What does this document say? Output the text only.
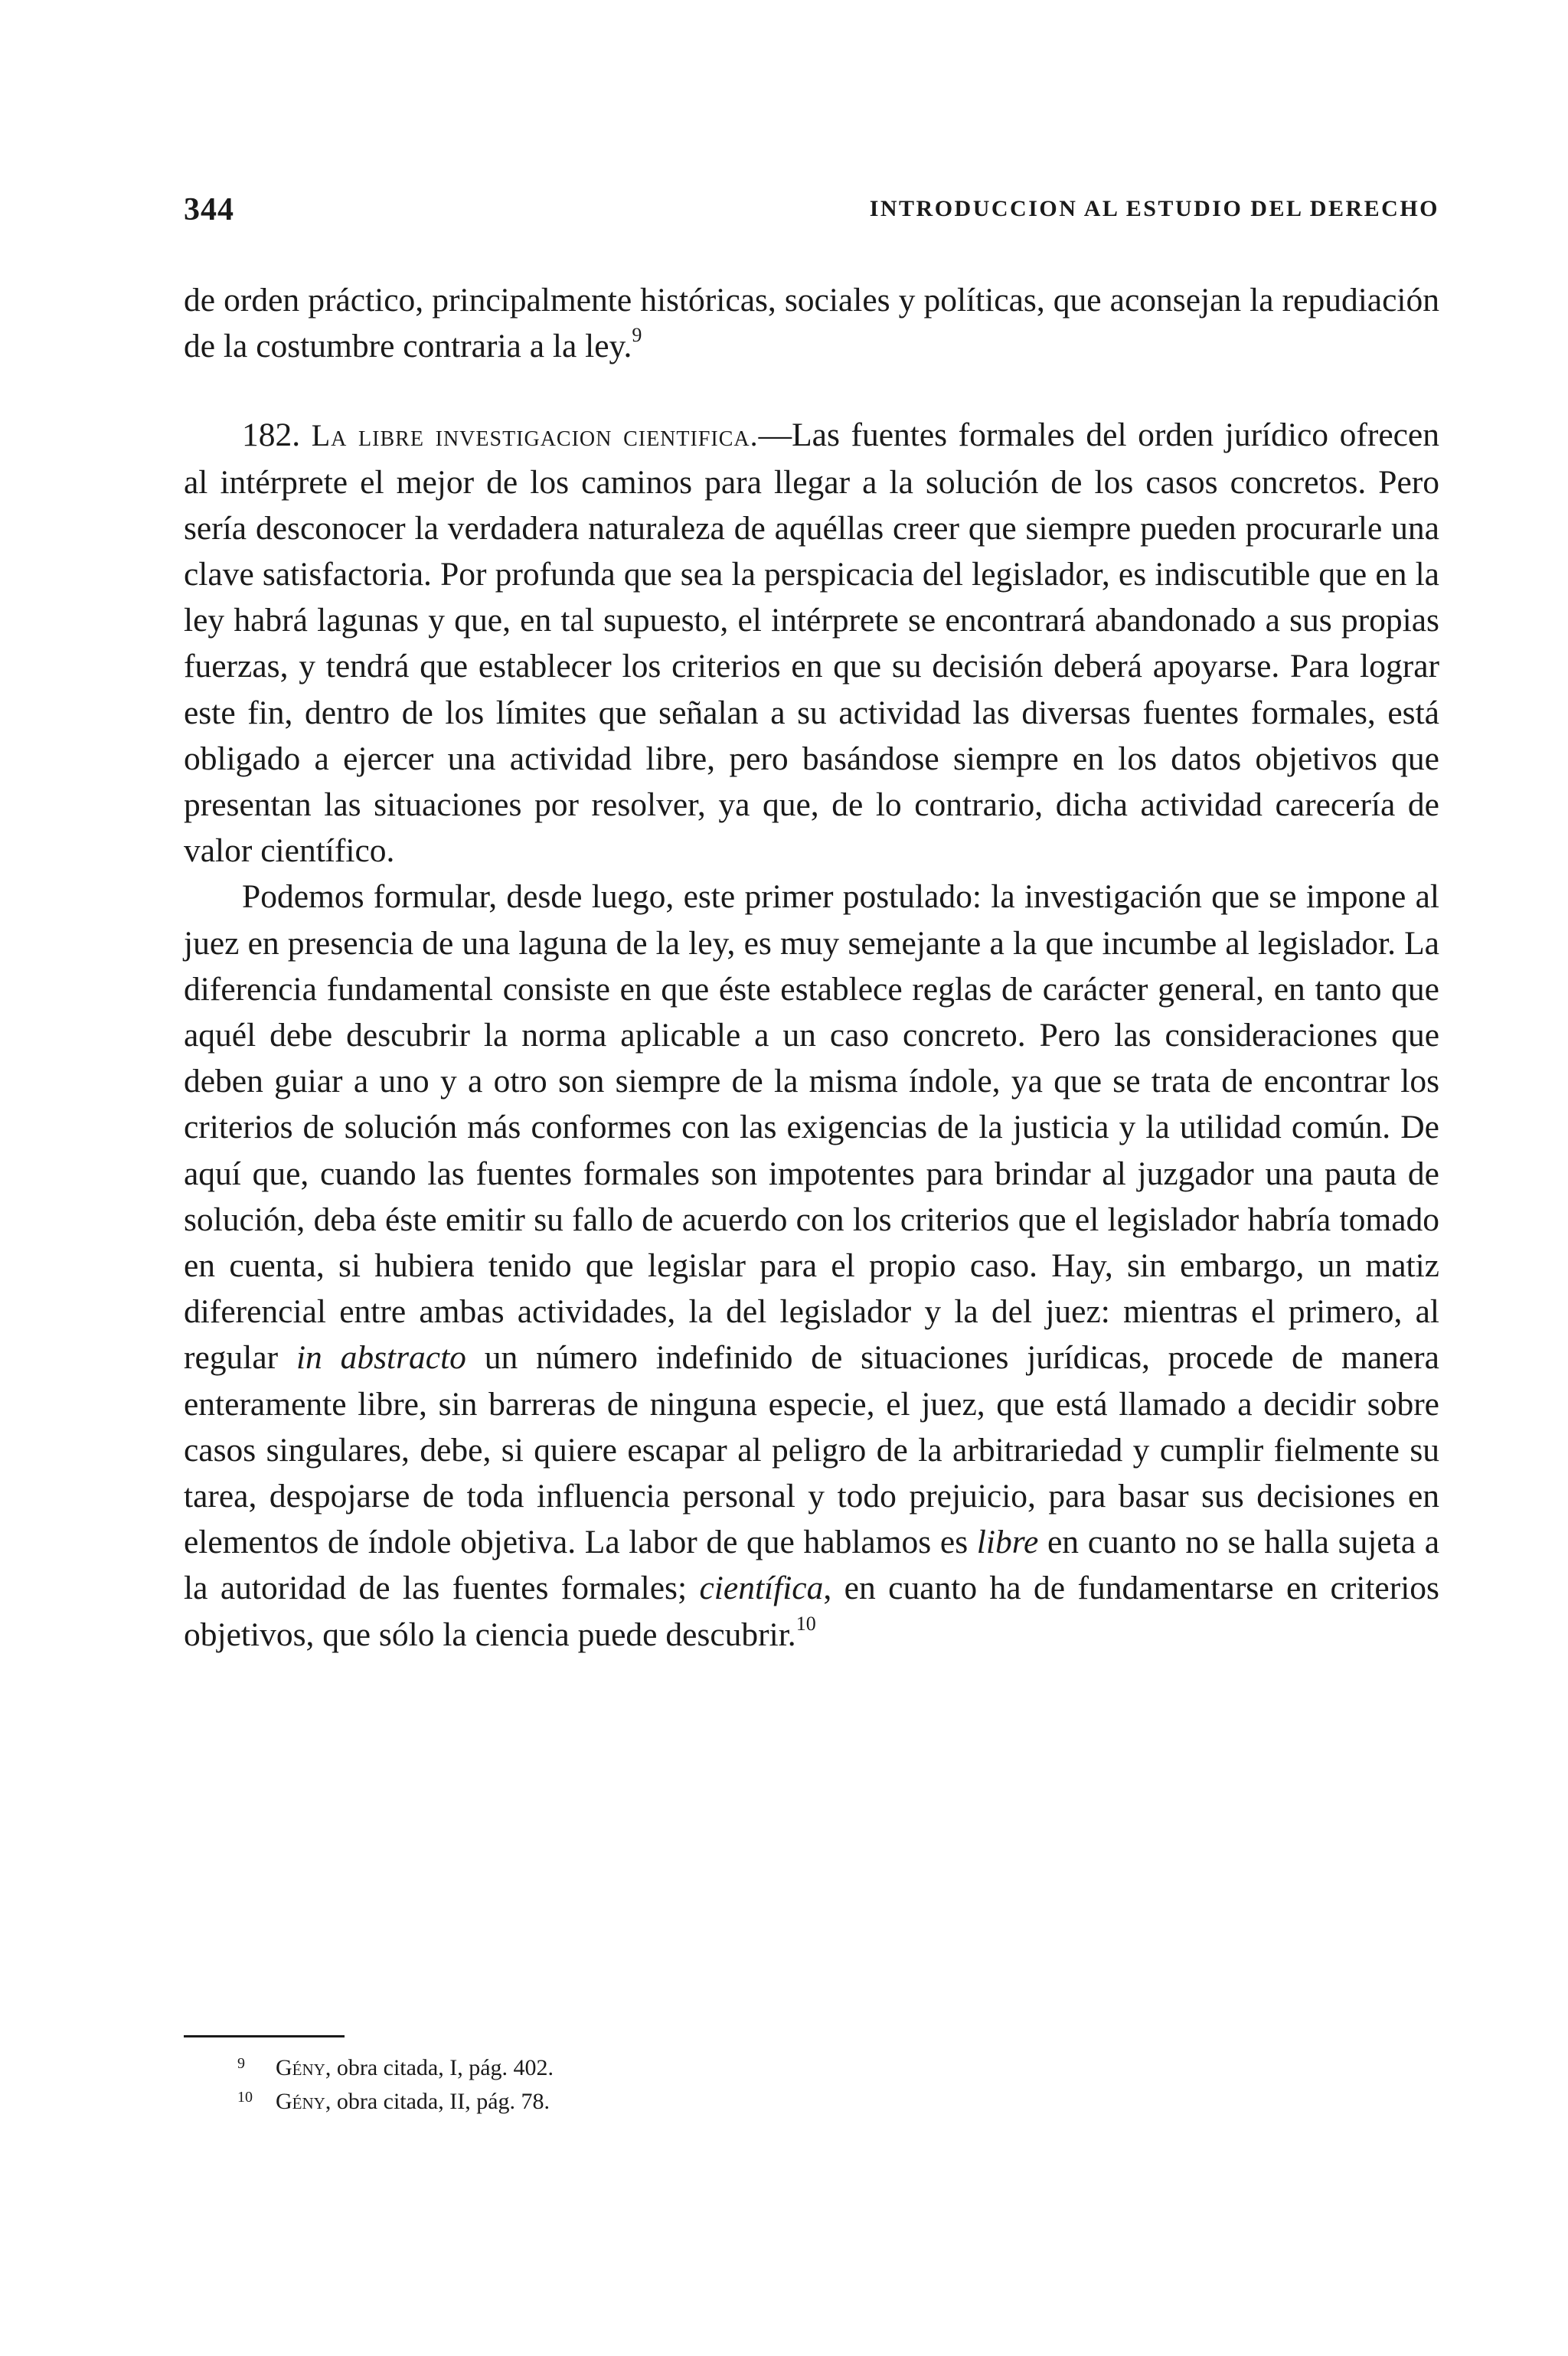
344	INTRODUCCION AL ESTUDIO DEL DERECHO

de orden práctico, principalmente históricas, sociales y políticas, que aconsejan la repudiación de la costumbre contraria a la ley.$^9$

182. La libre investigacion cientifica.—Las fuentes formales del orden jurídico ofrecen al intérprete el mejor de los caminos para llegar a la solución de los casos concretos. Pero sería desconocer la verdadera naturaleza de aquéllas creer que siempre pueden procurarle una clave satisfactoria. Por profunda que sea la perspicacia del legislador, es indiscutible que en la ley habrá lagunas y que, en tal supuesto, el intérprete se encontrará abandonado a sus propias fuerzas, y tendrá que establecer los criterios en que su decisión deberá apoyarse. Para lograr este fin, dentro de los límites que señalan a su actividad las diversas fuentes formales, está obligado a ejercer una actividad libre, pero basándose siempre en los datos objetivos que presentan las situaciones por resolver, ya que, de lo contrario, dicha actividad carecería de valor científico.

Podemos formular, desde luego, este primer postulado: la investigación que se impone al juez en presencia de una laguna de la ley, es muy semejante a la que incumbe al legislador. La diferencia fundamental consiste en que éste establece reglas de carácter general, en tanto que aquél debe descubrir la norma aplicable a un caso concreto. Pero las consideraciones que deben guiar a uno y a otro son siempre de la misma índole, ya que se trata de encontrar los criterios de solución más conformes con las exigencias de la justicia y la utilidad común. De aquí que, cuando las fuentes formales son impotentes para brindar al juzgador una pauta de solución, deba éste emitir su fallo de acuerdo con los criterios que el legislador habría tomado en cuenta, si hubiera tenido que legislar para el propio caso. Hay, sin embargo, un matiz diferencial entre ambas actividades, la del legislador y la del juez: mientras el primero, al regular in abstracto un número indefinido de situaciones jurídicas, procede de manera enteramente libre, sin barreras de ninguna especie, el juez, que está llamado a decidir sobre casos singulares, debe, si quiere escapar al peligro de la arbitrariedad y cumplir fielmente su tarea, despojarse de toda influencia personal y todo prejuicio, para basar sus decisiones en elementos de índole objetiva. La labor de que hablamos es libre en cuanto no se halla sujeta a la autoridad de las fuentes formales; científica, en cuanto ha de fundamentarse en criterios objetivos, que sólo la ciencia puede descubrir.$^{10}$

9 Gény, obra citada, I, pág. 402.
10 Gény, obra citada, II, pág. 78.
